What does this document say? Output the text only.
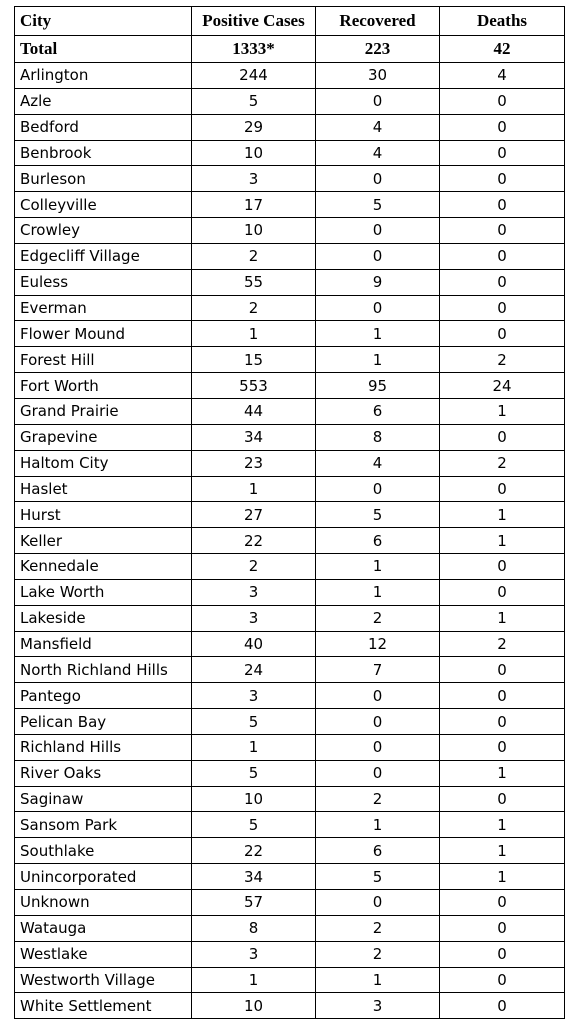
City	Positive Cases	Recovered	Deaths
Total	1333*	223	42
Arlington	244	30	4
Azle	5	0	0
Bedford	29	4	0
Benbrook	10	4	0
Burleson	3	0	0
Colleyville	17	5	0
Crowley	10	0	0
Edgecliff Village	2	0	0
Euless	55	9	0
Everman	2	0	0
Flower Mound	1	1	0
Forest Hill	15	1	2
Fort Worth	553	95	24
Grand Prairie	44	6	1
Grapevine	34	8	0
Haltom City	23	4	2
Haslet	1	0	0
Hurst	27	5	1
Keller	22	6	1
Kennedale	2	1	0
Lake Worth	3	1	0
Lakeside	3	2	1
Mansfield	40	12	2
North Richland Hills	24	7	0
Pantego	3	0	0
Pelican Bay	5	0	0
Richland Hills	1	0	0
River Oaks	5	0	1
Saginaw	10	2	0
Sansom Park	5	1	1
Southlake	22	6	1
Unincorporated	34	5	1
Unknown	57	0	0
Watauga	8	2	0
Westlake	3	2	0
Westworth Village	1	1	0
White Settlement	10	3	0
